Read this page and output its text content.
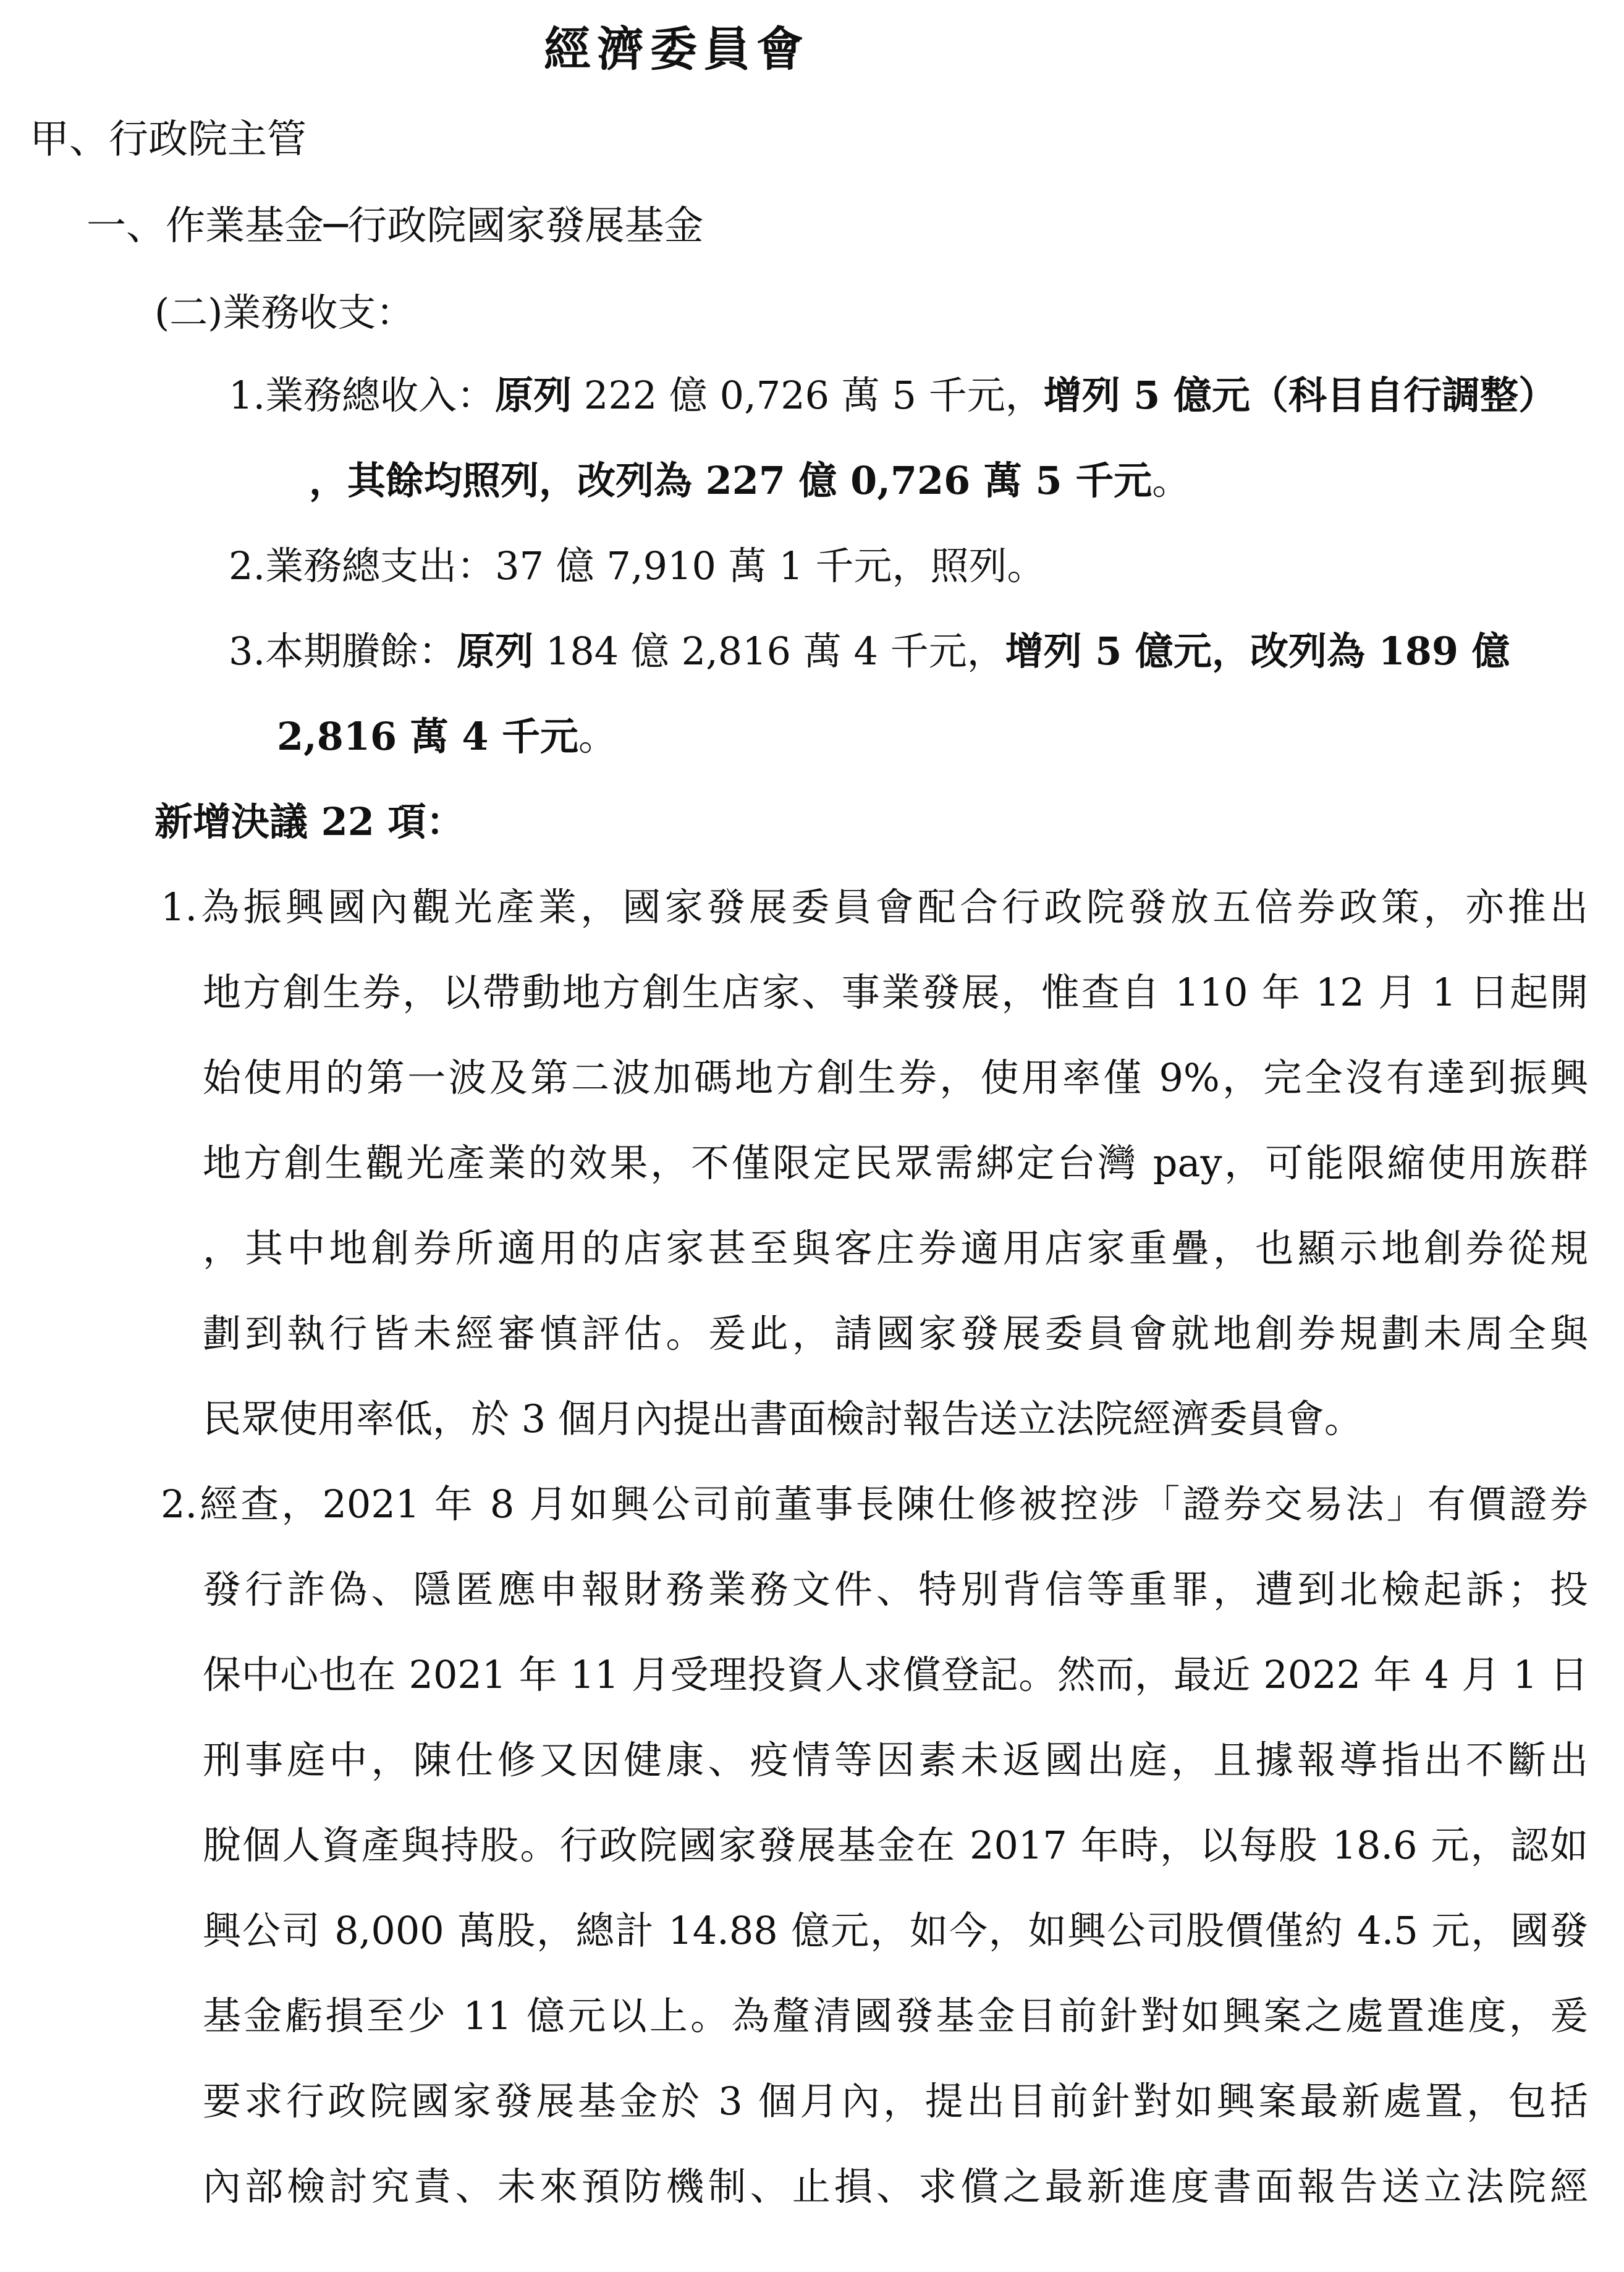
經濟委員會
甲、行政院主管
一、作業基金─行政院國家發展基金
(二)業務收支：
1.業務總收入：原列 222 億 0,726 萬 5 千元，增列 5 億元（科目自行調整）
，其餘均照列，改列為 227 億 0,726 萬 5 千元。
2.業務總支出：37 億 7,910 萬 1 千元，照列。
3.本期賸餘：原列 184 億 2,816 萬 4 千元，增列 5 億元，改列為 189 億
2,816 萬 4 千元。
新增決議 22 項：
1.為振興國內觀光產業，國家發展委員會配合行政院發放五倍券政策，亦推出
地方創生券，以帶動地方創生店家、事業發展，惟查自 110 年 12 月 1 日起開
始使用的第一波及第二波加碼地方創生券，使用率僅 9%，完全沒有達到振興
地方創生觀光產業的效果，不僅限定民眾需綁定台灣 pay，可能限縮使用族群
，其中地創券所適用的店家甚至與客庄券適用店家重疊，也顯示地創券從規
劃到執行皆未經審慎評估。爰此，請國家發展委員會就地創券規劃未周全與
民眾使用率低，於 3 個月內提出書面檢討報告送立法院經濟委員會。
2.經查，2021 年 8 月如興公司前董事長陳仕修被控涉「證券交易法」有價證券
發行詐偽、隱匿應申報財務業務文件、特別背信等重罪，遭到北檢起訴；投
保中心也在 2021 年 11 月受理投資人求償登記。然而，最近 2022 年 4 月 1 日
刑事庭中，陳仕修又因健康、疫情等因素未返國出庭，且據報導指出不斷出
脫個人資產與持股。行政院國家發展基金在 2017 年時，以每股 18.6 元，認如
興公司 8,000 萬股，總計 14.88 億元，如今，如興公司股價僅約 4.5 元，國發
基金虧損至少 11 億元以上。為釐清國發基金目前針對如興案之處置進度，爰
要求行政院國家發展基金於 3 個月內，提出目前針對如興案最新處置，包括
內部檢討究責、未來預防機制、止損、求償之最新進度書面報告送立法院經
